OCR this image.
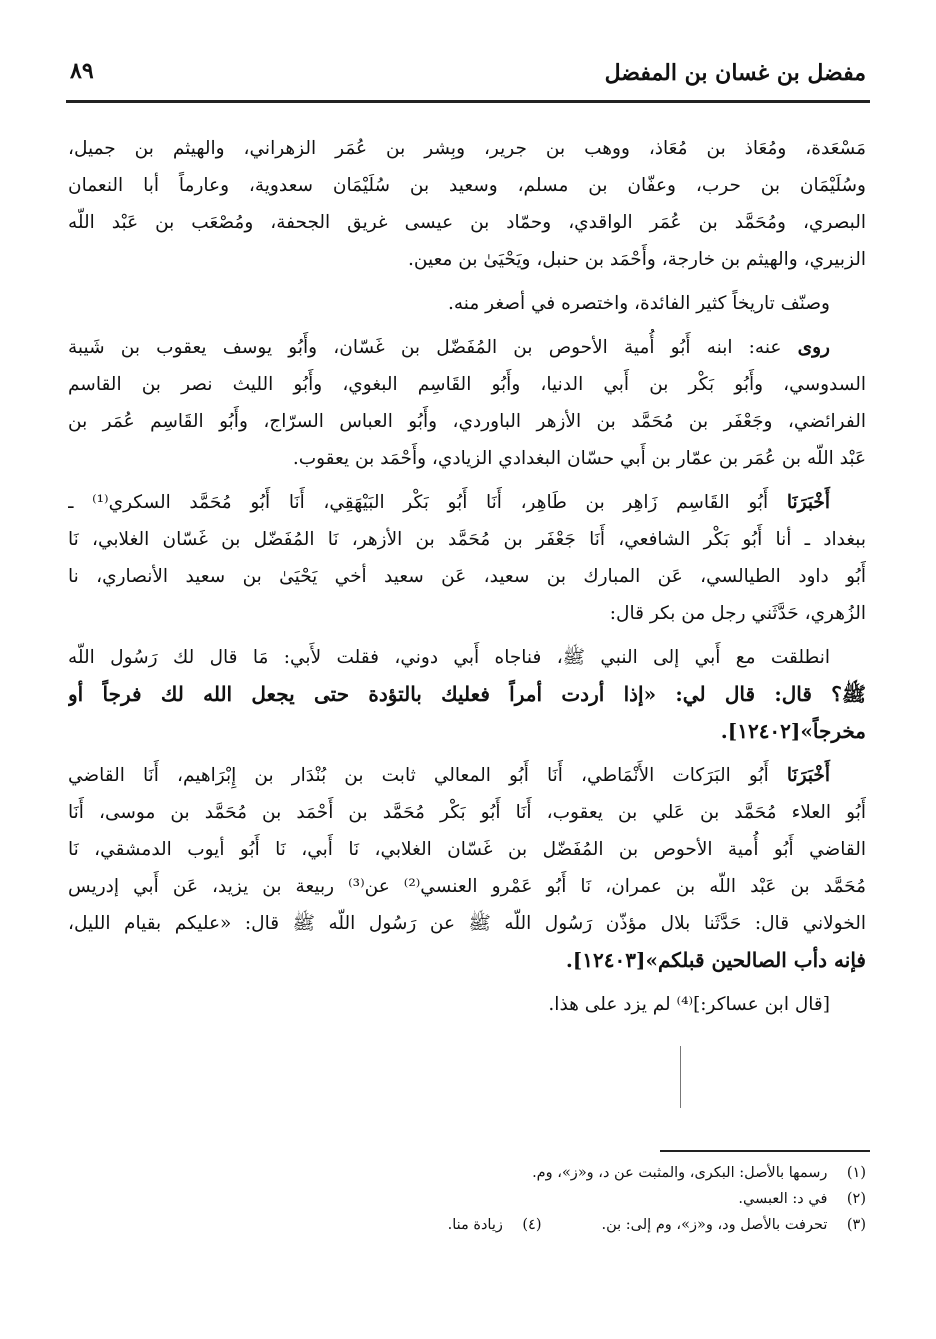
مفضل بن غسان بن المفضل
٨٩
مَسْعَدة، ومُعَاذ بن مُعَاذ، ووهب بن جرير، وبِشر بن عُمَر الزهراني، والهيثم بن جميل،
وسُلَيْمَان بن حرب، وعفّان بن مسلم، وسعيد بن سُلَيْمَان سعدوية، وعارماً أبا النعمان
البصري، ومُحَمَّد بن عُمَر الواقدي، وحمّاد بن عيسى غريق الجحفة، ومُصْعَب بن عَبْد اللّه
الزبيري، والهيثم بن خارجة، وأَحْمَد بن حنبل، ويَحْيَىٰ بن معين.
وصنّف تاريخاً كثير الفائدة، واختصره في أصغر منه.
روى عنه: ابنه أَبُو أُمية الأحوص بن المُفَضّل بن غَسّان، وأَبُو يوسف يعقوب بن شَيبة
السدوسي، وأَبُو بَكْر بن أَبي الدنيا، وأَبُو القَاسِم البغوي، وأَبُو الليث نصر بن القاسم
الفرائضي، وجَعْفَر بن مُحَمَّد بن الأزهر الباوردي، وأَبُو العباس السرّاج، وأَبُو القَاسِم عُمَر بن
عَبْد اللّه بن عُمَر بن عمّار بن أَبي حسّان البغدادي الزيادي، وأَحْمَد بن يعقوب.
أَخْبَرَنَا أَبُو القَاسِم زَاهِر بن طَاهِر، أَنَا أَبُو بَكْر البَيْهَقِي، أَنَا أَبُو مُحَمَّد السكري⁽¹⁾ ـ
ببغداد ـ أنا أَبُو بَكْر الشافعي، أَنَا جَعْفَر بن مُحَمَّد بن الأزهر، نَا المُفَضّل بن غَسّان الغلابي، نَا
أَبُو داود الطيالسي، عَن المبارك بن سعيد، عَن سعيد أخي يَحْيَىٰ بن سعيد الأنصاري، نا
الزُهري، حَدَّثَني رجل من بكر قال:
انطلقت مع أَبي إلى النبي ﷺ، فناجاه أَبي دوني، فقلت لأَبي: مَا قال لك رَسُول اللّه
ﷺ؟ قال: قال لي: «إذا أردت أمراً فعليك بالتؤدة حتى يجعل الله لك فرجاً أو
مخرجاً»[١٢٤٠٢].
أَخْبَرَنَا أَبُو البَرَكات الأَنْمَاطي، أَنَا أَبُو المعالي ثابت بن بُنْدَار بن إِبْرَاهيم، أَنَا القاضي
أَبُو العلاء مُحَمَّد بن عَلي بن يعقوب، أَنَا أَبُو بَكْر مُحَمَّد بن أَحْمَد بن مُحَمَّد بن موسى، أَنَا
القاضي أَبُو أُمية الأحوص بن المُفَضّل بن غَسّان الغلابي، نَا أَبي، نَا أَبُو أيوب الدمشقي، نَا
مُحَمَّد بن عَبْد اللّه بن عمران، نَا أَبُو عَمْرو العنسي⁽²⁾ عن⁽³⁾ ربيعة بن يزيد، عَن أَبي إدريس
الخولاني قال: حَدَّثَنا بلال مؤذّن رَسُول اللّه ﷺ عن رَسُول اللّه ﷺ قال: «عليكم بقيام الليل،
فإنه دأب الصالحين قبلكم»[١٢٤٠٣].
[قال ابن عساكر:]⁽⁴⁾ لم يزد على هذا.
(١) رسمها بالأصل: البكرى، والمثبت عن د، و«ز»، وم.
(٢) في د: العبسي.
(٣) تحرفت بالأصل ود، و«ز»، وم إلى: بن.
(٤) زيادة منا.
